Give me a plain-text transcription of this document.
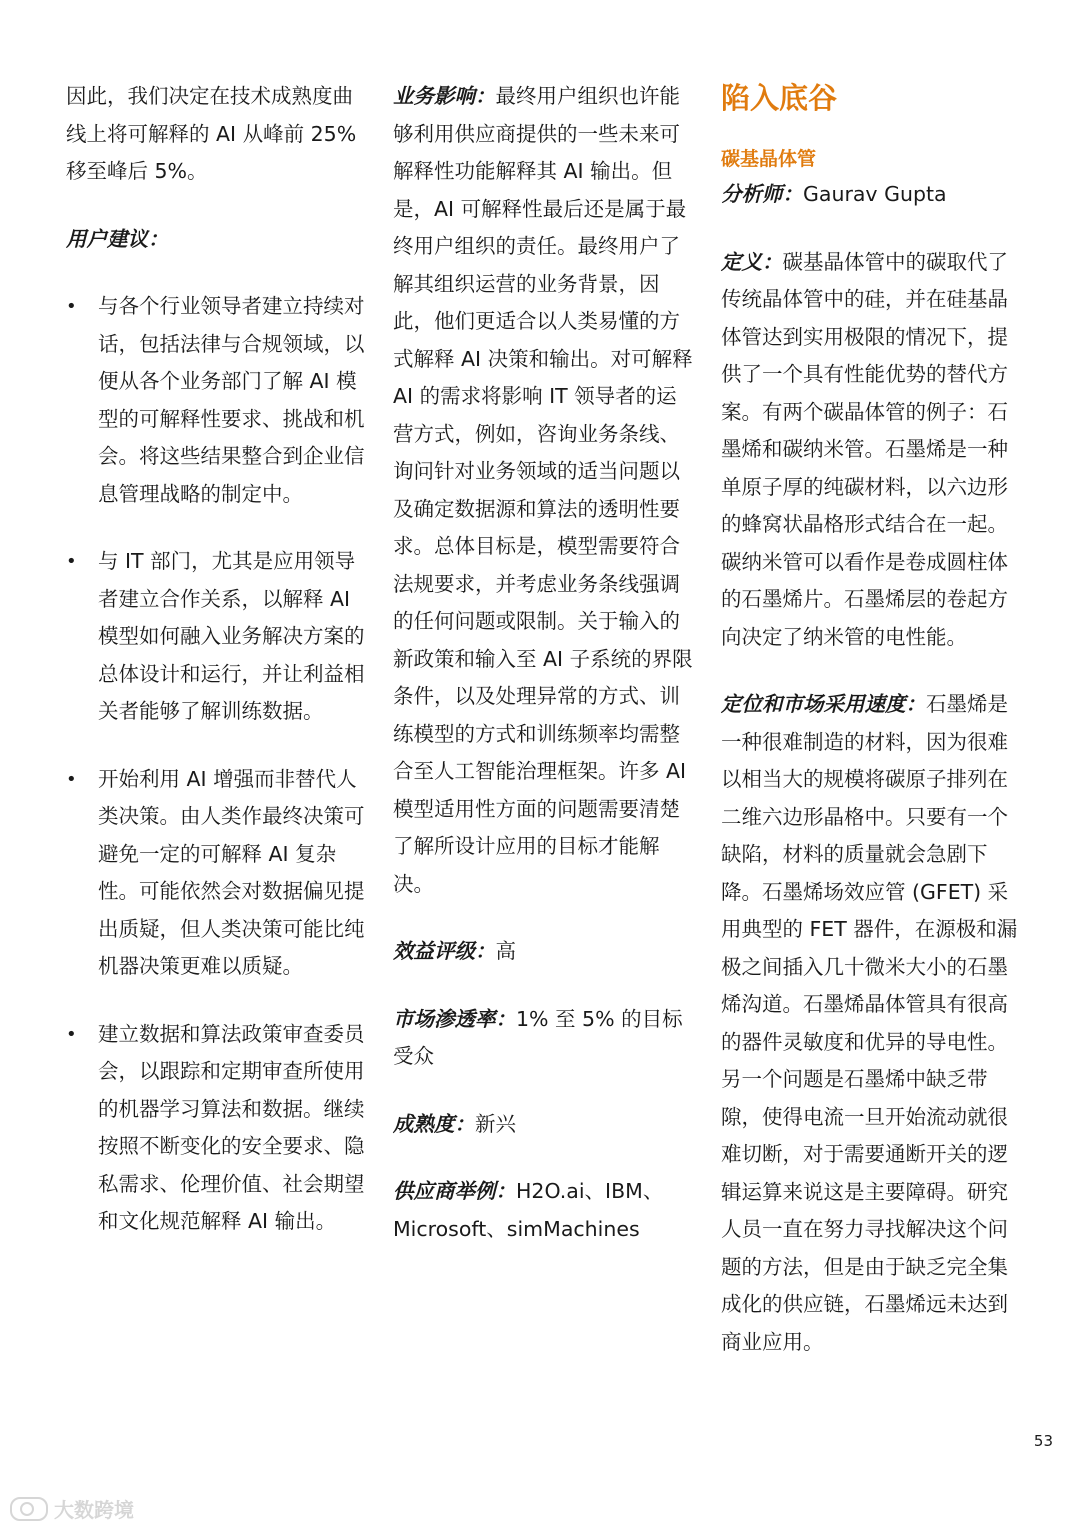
因此，我们决定在技术成熟度曲线上将可解释的 AI 从峰前 25% 移至峰后 5%。

用户建议：

• 与各个行业领导者建立持续对话，包括法律与合规领域，以便从各个业务部门了解 AI 模型的可解释性要求、挑战和机会。将这些结果整合到企业信息管理战略的制定中。
• 与 IT 部门，尤其是应用领导者建立合作关系，以解释 AI 模型如何融入业务解决方案的总体设计和运行，并让利益相关者能够了解训练数据。
• 开始利用 AI 增强而非替代人类决策。由人类作最终决策可避免一定的可解释 AI 复杂性。可能依然会对数据偏见提出质疑，但人类决策可能比纯机器决策更难以质疑。
• 建立数据和算法政策审查委员会，以跟踪和定期审查所使用的机器学习算法和数据。继续按照不断变化的安全要求、隐私需求、伦理价值、社会期望和文化规范解释 AI 输出。

业务影响：最终用户组织也许能够利用供应商提供的一些未来可解释性功能解释其 AI 输出。但是，AI 可解释性最后还是属于最终用户组织的责任。最终用户了解其组织运营的业务背景，因此，他们更适合以人类易懂的方式解释 AI 决策和输出。对可解释 AI 的需求将影响 IT 领导者的运营方式，例如，咨询业务条线、询问针对业务领域的适当问题以及确定数据源和算法的透明性要求。总体目标是，模型需要符合法规要求，并考虑业务条线强调的任何问题或限制。关于输入的新政策和输入至 AI 子系统的界限条件，以及处理异常的方式、训练模型的方式和训练频率均需整合至人工智能治理框架。许多 AI 模型适用性方面的问题需要清楚了解所设计应用的目标才能解决。

效益评级：高

市场渗透率：1% 至 5% 的目标受众

成熟度：新兴

供应商举例：H2O.ai、IBM、Microsoft、simMachines

陷入底谷
碳基晶体管

分析师：Gaurav Gupta

定义：碳基晶体管中的碳取代了传统晶体管中的硅，并在硅基晶体管达到实用极限的情况下，提供了一个具有性能优势的替代方案。有两个碳晶体管的例子：石墨烯和碳纳米管。石墨烯是一种单原子厚的纯碳材料，以六边形的蜂窝状晶格形式结合在一起。碳纳米管可以看作是卷成圆柱体的石墨烯片。石墨烯层的卷起方向决定了纳米管的电性能。

定位和市场采用速度：石墨烯是一种很难制造的材料，因为很难以相当大的规模将碳原子排列在二维六边形晶格中。只要有一个缺陷，材料的质量就会急剧下降。石墨烯场效应管 (GFET) 采用典型的 FET 器件，在源极和漏极之间插入几十微米大小的石墨烯沟道。石墨烯晶体管具有很高的器件灵敏度和优异的导电性。另一个问题是石墨烯中缺乏带隙，使得电流一旦开始流动就很难切断，对于需要通断开关的逻辑运算来说这是主要障碍。研究人员一直在努力寻找解决这个问题的方法，但是由于缺乏完全集成化的供应链，石墨烯远未达到商业应用。

53
大数跨境
